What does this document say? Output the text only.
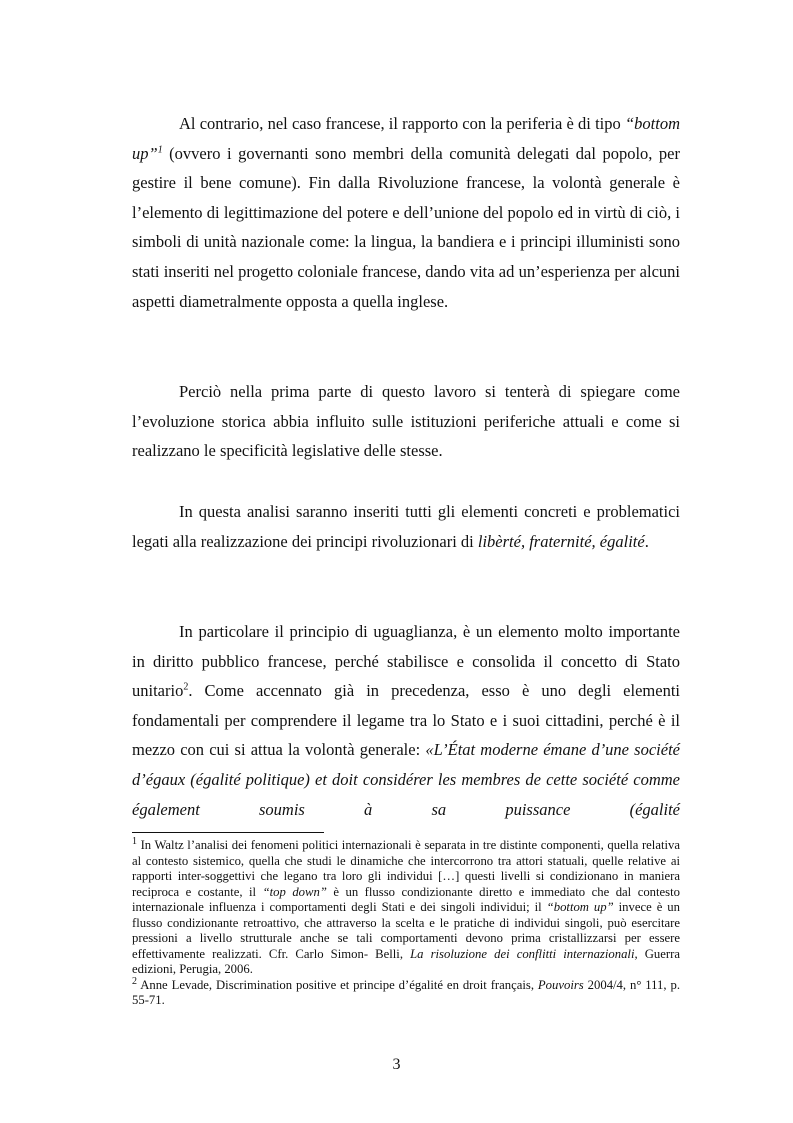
Al contrario, nel caso francese, il rapporto con la periferia è di tipo “bottom up”$^1$ (ovvero i governanti sono membri della comunità delegati dal popolo, per gestire il bene comune). Fin dalla Rivoluzione francese, la volontà generale è l’elemento di legittimazione del potere e dell’unione del popolo ed in virtù di ciò, i simboli di unità nazionale come: la lingua, la bandiera e i principi illuministi sono stati inseriti nel progetto coloniale francese, dando vita ad un’esperienza per alcuni aspetti diametralmente opposta a quella inglese.

Perciò nella prima parte di questo lavoro si tenterà di spiegare come l’evoluzione storica abbia influito sulle istituzioni periferiche attuali e come si realizzano le specificità legislative delle stesse.

In questa analisi saranno inseriti tutti gli elementi concreti e problematici legati alla realizzazione dei principi rivoluzionari di libèrté, fraternité, égalité.

In particolare il principio di uguaglianza, è un elemento molto importante in diritto pubblico francese, perché stabilisce e consolida il concetto di Stato unitario$^2$. Come accennato già in precedenza, esso è uno degli elementi fondamentali per comprendere il legame tra lo Stato e i suoi cittadini, perché è il mezzo con cui si attua la volontà generale: «L’État moderne émane d’une société d’égaux (égalité politique) et doit considérer les membres de cette société comme également soumis à sa puissance (égalité

$^1$ In Waltz l’analisi dei fenomeni politici internazionali è separata in tre distinte componenti, quella relativa al contesto sistemico, quella che studi le dinamiche che intercorrono tra attori statuali, quelle relative ai rapporti inter-soggettivi che legano tra loro gli individui […] questi livelli si condizionano in maniera reciproca e costante, il “top down” è un flusso condizionante diretto e immediato che dal contesto internazionale influenza i comportamenti degli Stati e dei singoli individui; il “bottom up” invece è un flusso condizionante retroattivo, che attraverso la scelta e le pratiche di individui singoli, può esercitare pressioni a livello strutturale anche se tali comportamenti devono prima cristallizzarsi per essere effettivamente realizzati. Cfr. Carlo Simon- Belli, La risoluzione dei conflitti internazionali, Guerra edizioni, Perugia, 2006.

$^2$ Anne Levade, Discrimination positive et principe d’égalité en droit français, Pouvoirs 2004/4, n° 111, p. 55-71.

3
